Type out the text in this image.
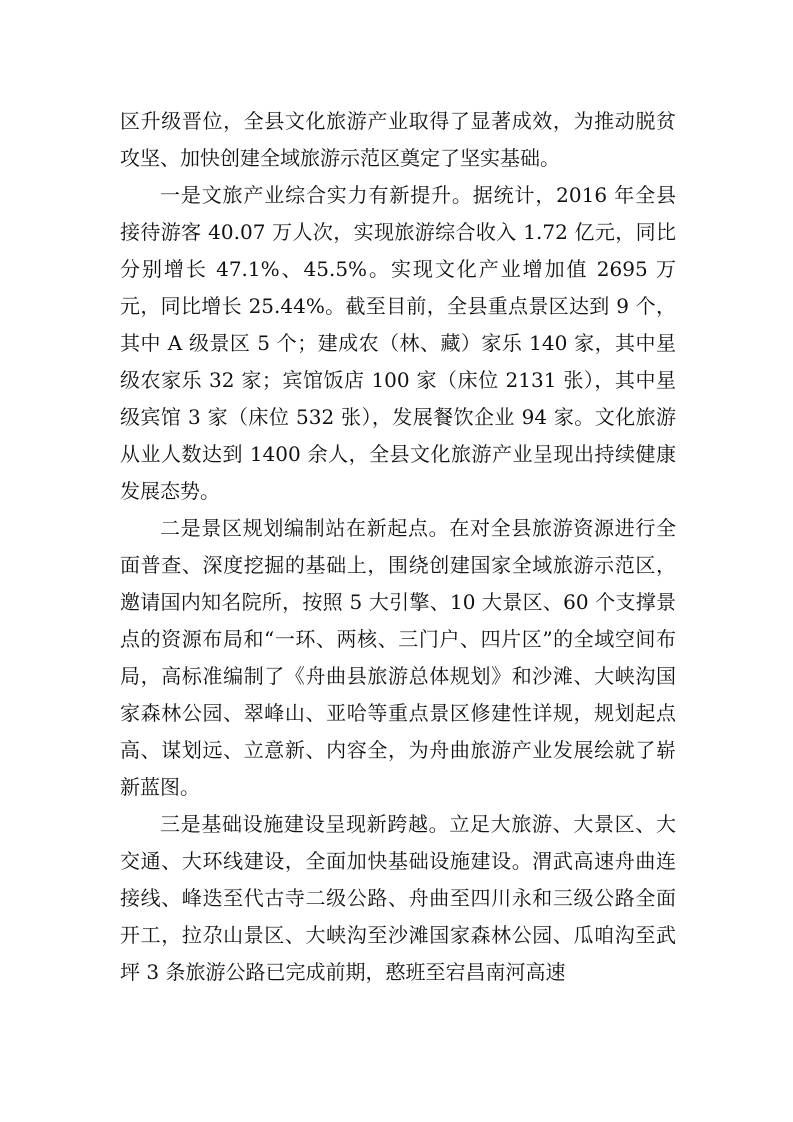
区升级晋位，全县文化旅游产业取得了显著成效，为推动脱贫攻坚、加快创建全域旅游示范区奠定了坚实基础。

一是文旅产业综合实力有新提升。据统计，2016 年全县接待游客 40.07 万人次，实现旅游综合收入 1.72 亿元，同比分别增长 47.1%、45.5%。实现文化产业增加值 2695 万元，同比增长 25.44%。截至目前，全县重点景区达到 9 个，其中 A 级景区 5 个；建成农（林、藏）家乐 140 家，其中星级农家乐 32 家；宾馆饭店 100 家（床位 2131 张），其中星级宾馆 3 家（床位 532 张），发展餐饮企业 94 家。文化旅游从业人数达到 1400 余人，全县文化旅游产业呈现出持续健康发展态势。

二是景区规划编制站在新起点。在对全县旅游资源进行全面普查、深度挖掘的基础上，围绕创建国家全域旅游示范区，邀请国内知名院所，按照 5 大引擎、10 大景区、60 个支撑景点的资源布局和“一环、两核、三门户、四片区”的全域空间布局，高标准编制了《舟曲县旅游总体规划》和沙滩、大峡沟国家森林公园、翠峰山、亚哈等重点景区修建性详规，规划起点高、谋划远、立意新、内容全，为舟曲旅游产业发展绘就了崭新蓝图。

三是基础设施建设呈现新跨越。立足大旅游、大景区、大交通、大环线建设，全面加快基础设施建设。渭武高速舟曲连接线、峰迭至代古寺二级公路、舟曲至四川永和三级公路全面开工，拉尕山景区、大峡沟至沙滩国家森林公园、瓜咱沟至武坪 3 条旅游公路已完成前期，憨班至宕昌南河高速
